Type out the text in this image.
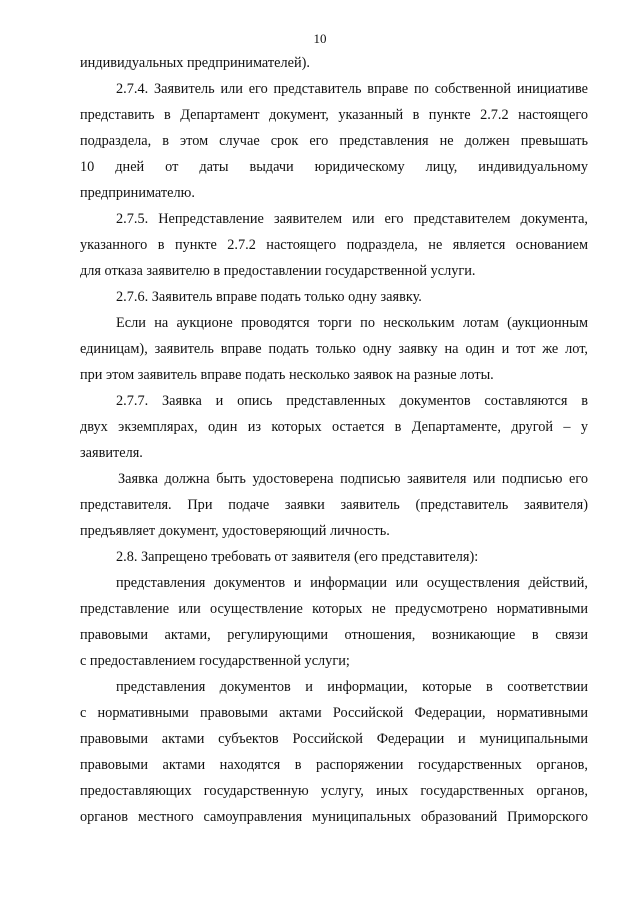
10
индивидуальных предпринимателей).
2.7.4. Заявитель или его представитель вправе по собственной инициативе
представить в Департамент документ, указанный в пункте 2.7.2 настоящего
подраздела, в этом случае срок его представления не должен превышать
10 дней от даты выдачи юридическому лицу, индивидуальному
предпринимателю.
2.7.5. Непредставление заявителем или его представителем документа,
указанного в пункте 2.7.2 настоящего подраздела, не является основанием
для отказа заявителю в предоставлении государственной услуги.
2.7.6. Заявитель вправе подать только одну заявку.
Если на аукционе проводятся торги по нескольким лотам (аукционным
единицам), заявитель вправе подать только одну заявку на один и тот же лот,
при этом заявитель вправе подать несколько заявок на разные лоты.
2.7.7. Заявка и опись представленных документов составляются в
двух экземплярах, один из которых остается в Департаменте, другой – у
заявителя.
Заявка должна быть удостоверена подписью заявителя или подписью его
представителя. При подаче заявки заявитель (представитель заявителя)
предъявляет документ, удостоверяющий личность.
2.8. Запрещено требовать от заявителя (его представителя):
представления документов и информации или осуществления действий,
представление или осуществление которых не предусмотрено нормативными
правовыми актами, регулирующими отношения, возникающие в связи
с предоставлением государственной услуги;
представления документов и информации, которые в соответствии
с нормативными правовыми актами Российской Федерации, нормативными
правовыми актами субъектов Российской Федерации и муниципальными
правовыми актами находятся в распоряжении государственных органов,
предоставляющих государственную услугу, иных государственных органов,
органов местного самоуправления муниципальных образований Приморского
